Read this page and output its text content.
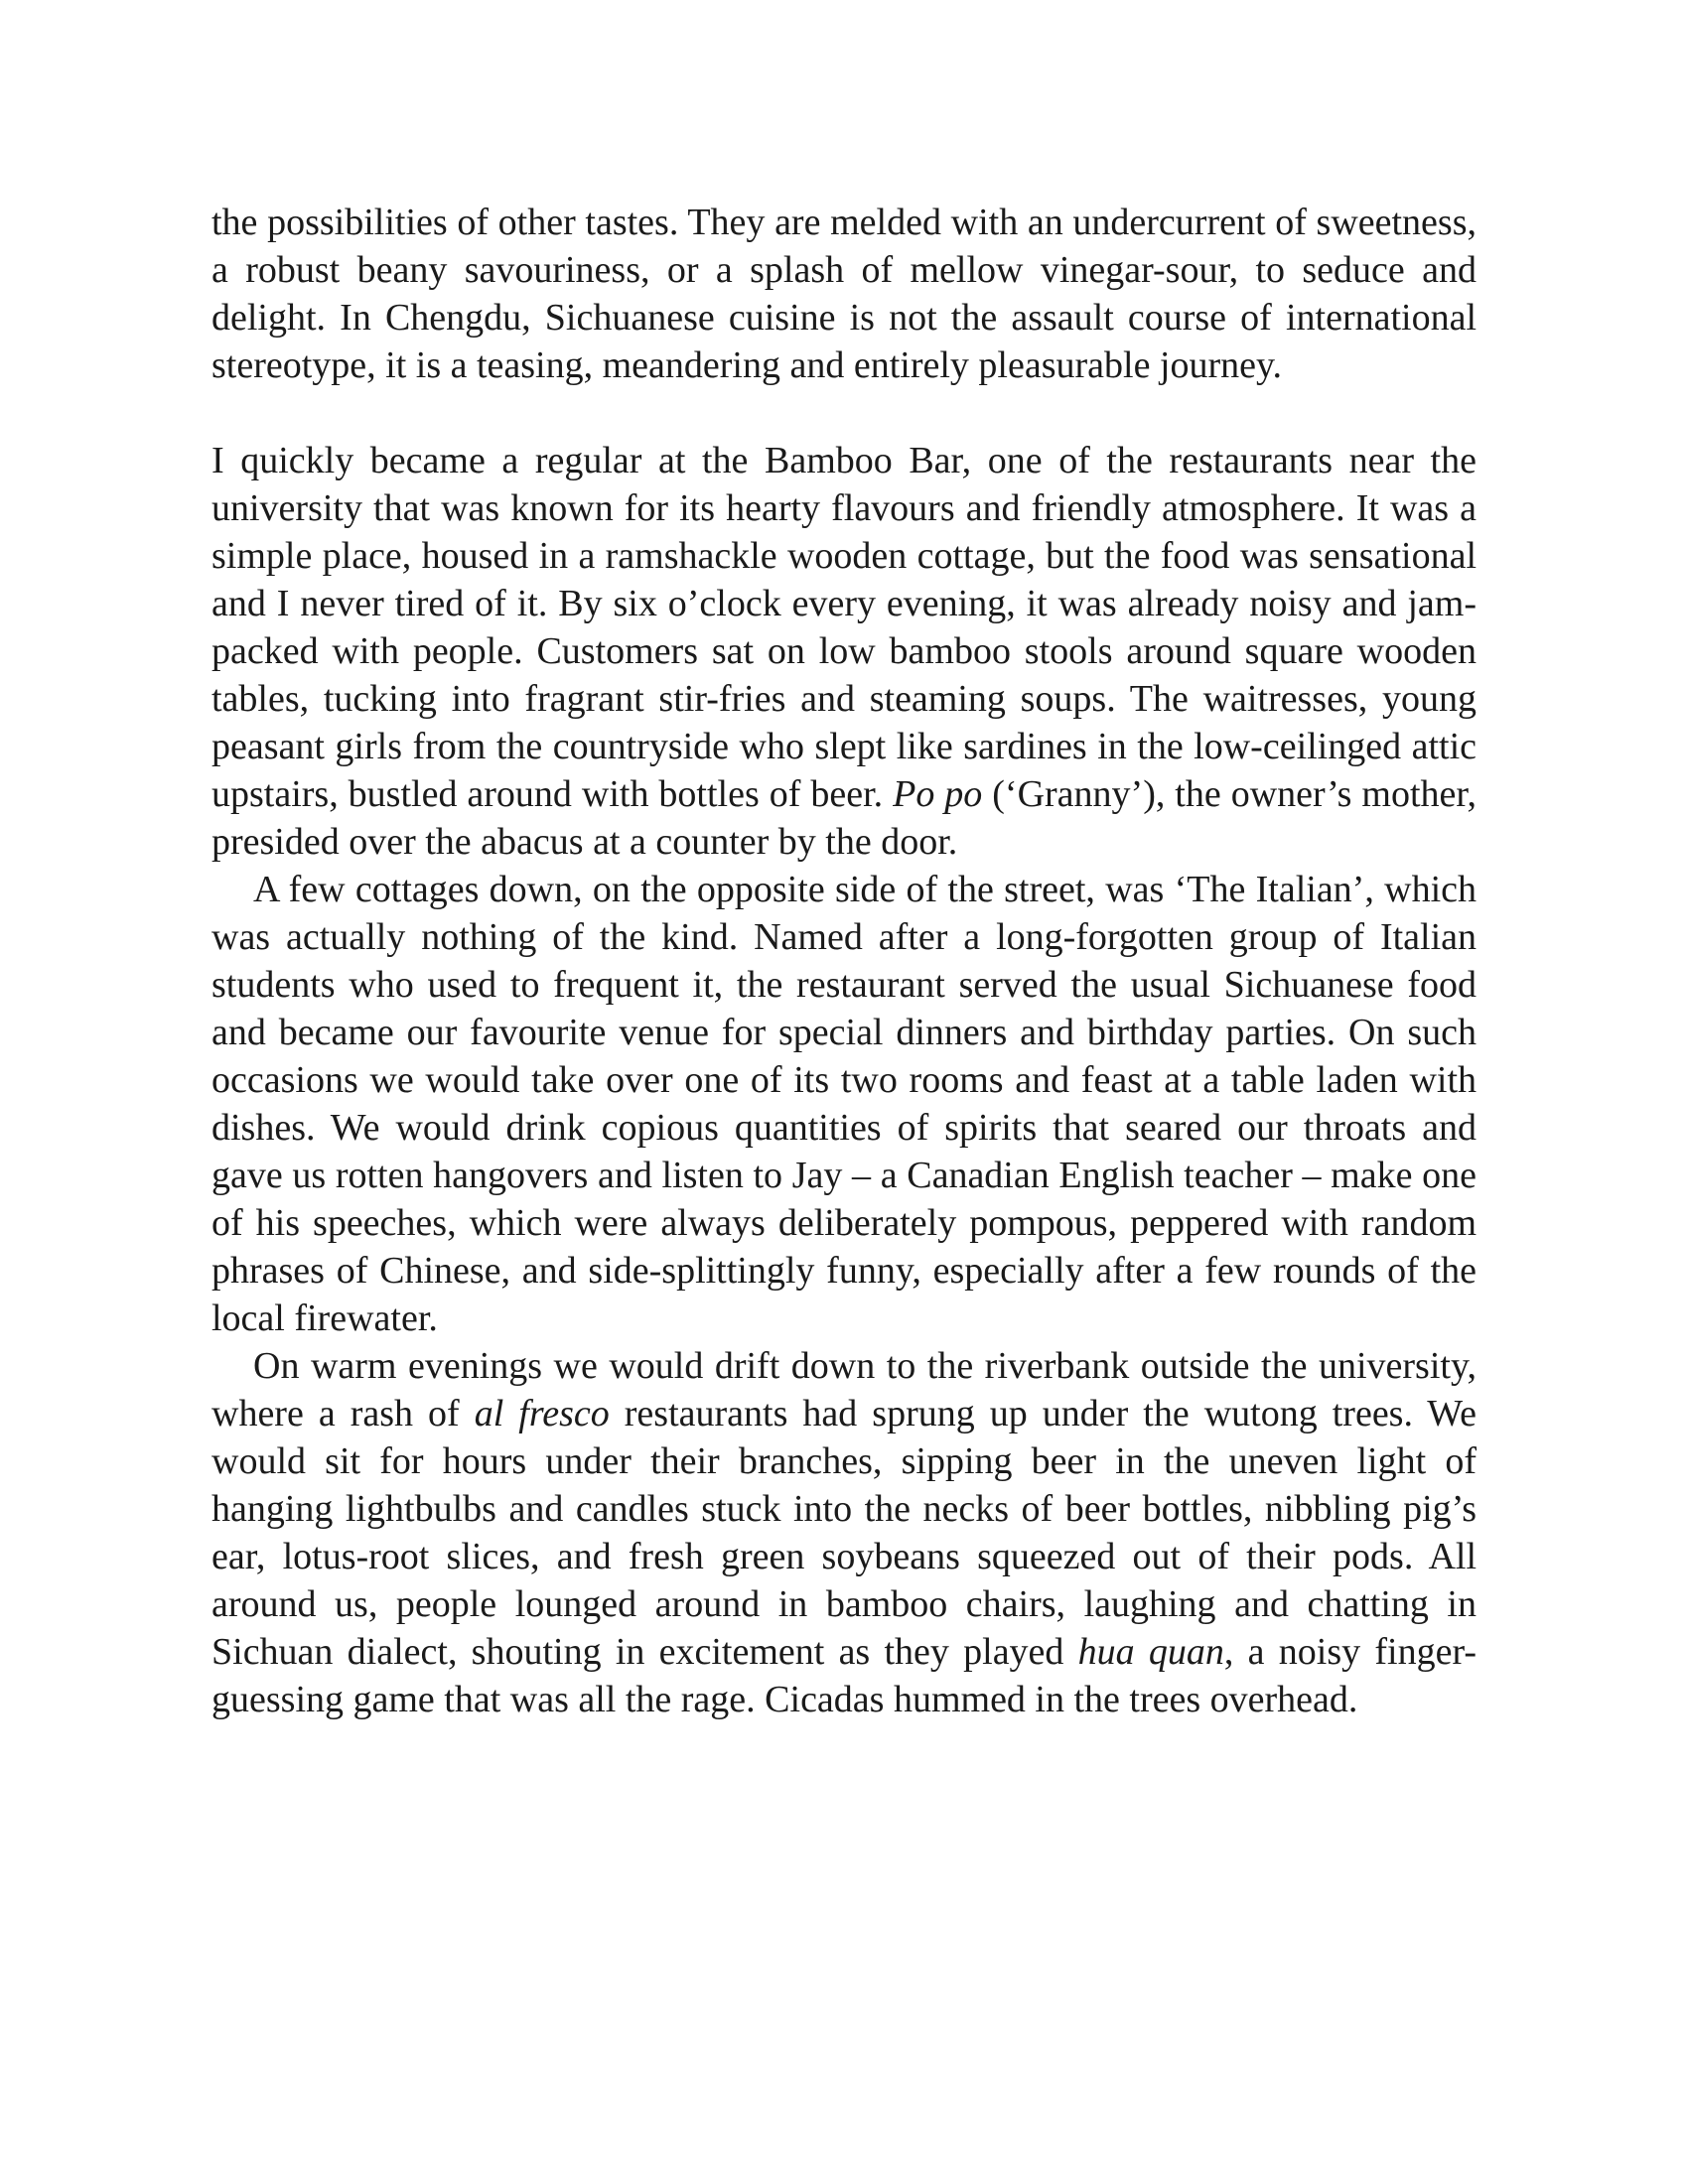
the possibilities of other tastes. They are melded with an undercurrent of sweetness, a robust beany savouriness, or a splash of mellow vinegar-sour, to seduce and delight. In Chengdu, Sichuanese cuisine is not the assault course of international stereotype, it is a teasing, meandering and entirely pleasurable journey.

I quickly became a regular at the Bamboo Bar, one of the restaurants near the university that was known for its hearty flavours and friendly atmosphere. It was a simple place, housed in a ramshackle wooden cottage, but the food was sensational and I never tired of it. By six o’clock every evening, it was already noisy and jam-packed with people. Customers sat on low bamboo stools around square wooden tables, tucking into fragrant stir-fries and steaming soups. The waitresses, young peasant girls from the countryside who slept like sardines in the low-ceilinged attic upstairs, bustled around with bottles of beer. Po po (‘Granny’), the owner’s mother, presided over the abacus at a counter by the door.

A few cottages down, on the opposite side of the street, was ‘The Italian’, which was actually nothing of the kind. Named after a long-forgotten group of Italian students who used to frequent it, the restaurant served the usual Sichuanese food and became our favourite venue for special dinners and birthday parties. On such occasions we would take over one of its two rooms and feast at a table laden with dishes. We would drink copious quantities of spirits that seared our throats and gave us rotten hangovers and listen to Jay – a Canadian English teacher – make one of his speeches, which were always deliberately pompous, peppered with random phrases of Chinese, and side-splittingly funny, especially after a few rounds of the local firewater.

On warm evenings we would drift down to the riverbank outside the university, where a rash of al fresco restaurants had sprung up under the wutong trees. We would sit for hours under their branches, sipping beer in the uneven light of hanging lightbulbs and candles stuck into the necks of beer bottles, nibbling pig’s ear, lotus-root slices, and fresh green soybeans squeezed out of their pods. All around us, people lounged around in bamboo chairs, laughing and chatting in Sichuan dialect, shouting in excitement as they played hua quan, a noisy finger-guessing game that was all the rage. Cicadas hummed in the trees overhead.
